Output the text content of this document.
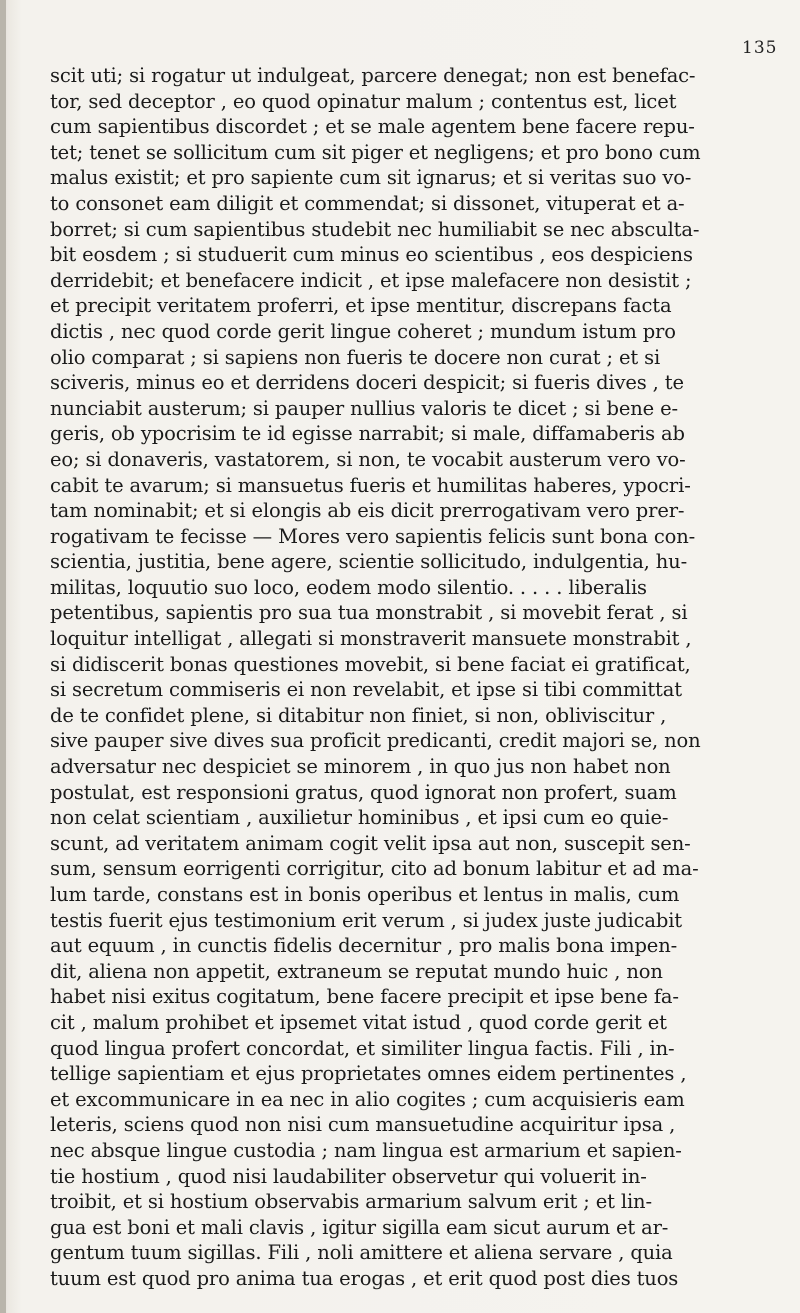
135
scit uti; si rogatur ut indulgeat, parcere denegat; non est benefac-
tor, sed deceptor , eo quod opinatur malum ; contentus est, licet
cum sapientibus discordet ; et se male agentem bene facere repu-
tet; tenet se sollicitum cum sit piger et negligens; et pro bono cum
malus existit; et pro sapiente cum sit ignarus; et si veritas suo vo-
to consonet eam diligit et commendat; si dissonet, vituperat et a-
borret; si cum sapientibus studebit nec humiliabit se nec absculta-
bit eosdem ; si studuerit cum minus eo scientibus , eos despiciens
derridebit; et benefacere indicit , et ipse malefacere non desistit ;
et precipit veritatem proferri, et ipse mentitur, discrepans facta
dictis , nec quod corde gerit lingue coheret ; mundum istum pro
olio comparat ; si sapiens non fueris te docere non curat ; et si
sciveris, minus eo et derridens doceri despicit; si fueris dives , te
nunciabit austerum; si pauper nullius valoris te dicet ; si bene e-
geris, ob ypocrisim te id egisse narrabit; si male, diffamaberis ab
eo; si donaveris, vastatorem, si non, te vocabit austerum vero vo-
cabit te avarum; si mansuetus fueris et humilitas haberes, ypocri-
tam nominabit; et si elongis ab eis dicit prerrogativam vero prer-
rogativam te fecisse — Mores vero sapientis felicis sunt bona con-
scientia, justitia, bene agere, scientie sollicitudo, indulgentia, hu-
militas, loquutio suo loco, eodem modo silentio. . . . . liberalis
petentibus, sapientis pro sua tua monstrabit , si movebit ferat , si
loquitur intelligat , allegati si monstraverit mansuete monstrabit ,
si didiscerit bonas questiones movebit, si bene faciat ei gratificat,
si secretum commiseris ei non revelabit, et ipse si tibi committat
de te confidet plene, si ditabitur non finiet, si non, obliviscitur ,
sive pauper sive dives sua proficit predicanti, credit majori se, non
adversatur nec despiciet se minorem , in quo jus non habet non
postulat, est responsioni gratus, quod ignorat non profert, suam
non celat scientiam , auxilietur hominibus , et ipsi cum eo quie-
scunt, ad veritatem animam cogit velit ipsa aut non, suscepit sen-
sum, sensum eorrigenti corrigitur, cito ad bonum labitur et ad ma-
lum tarde, constans est in bonis operibus et lentus in malis, cum
testis fuerit ejus testimonium erit verum , si judex juste judicabit
aut equum , in cunctis fidelis decernitur , pro malis bona impen-
dit, aliena non appetit, extraneum se reputat mundo huic , non
habet nisi exitus cogitatum, bene facere precipit et ipse bene fa-
cit , malum prohibet et ipsemet vitat istud , quod corde gerit et
quod lingua profert concordat, et similiter lingua factis. Fili , in-
tellige sapientiam et ejus proprietates omnes eidem pertinentes ,
et excommunicare in ea nec in alio cogites ; cum acquisieris eam
leteris, sciens quod non nisi cum mansuetudine acquiritur ipsa ,
nec absque lingue custodia ; nam lingua est armarium et sapien-
tie hostium , quod nisi laudabiliter observetur qui voluerit in-
troibit, et si hostium observabis armarium salvum erit ; et lin-
gua est boni et mali clavis , igitur sigilla eam sicut aurum et ar-
gentum tuum sigillas. Fili , noli amittere et aliena servare , quia
tuum est quod pro anima tua erogas , et erit quod post dies tuos
